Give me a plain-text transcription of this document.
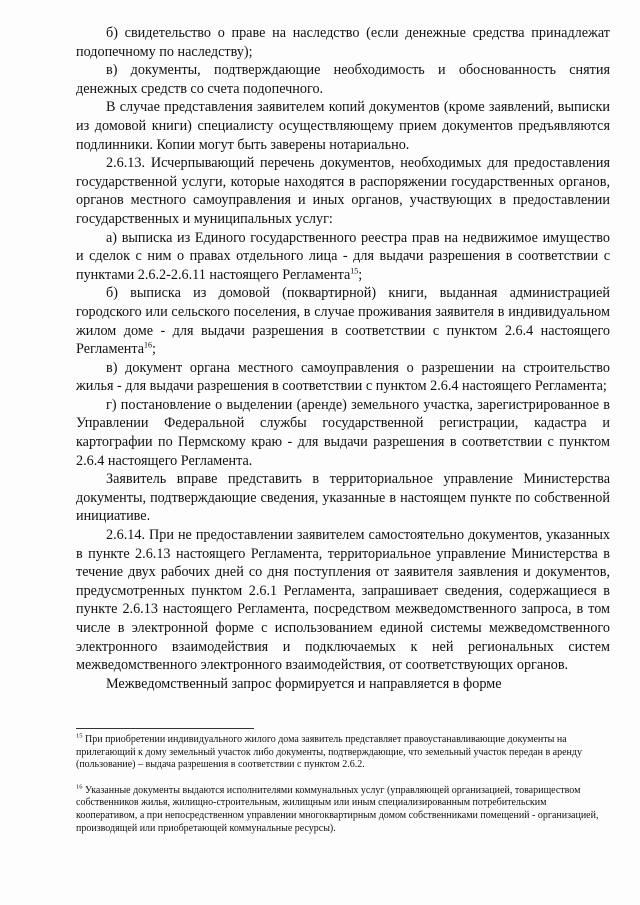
б) свидетельство о праве на наследство (если денежные средства принадлежат подопечному по наследству);

в) документы, подтверждающие необходимость и обоснованность снятия денежных средств со счета подопечного.

В случае представления заявителем копий документов (кроме заявлений, выписки из домовой книги) специалисту осуществляющему прием документов предъявляются подлинники. Копии могут быть заверены нотариально.

2.6.13. Исчерпывающий перечень документов, необходимых для предоставления государственной услуги, которые находятся в распоряжении государственных органов, органов местного самоуправления и иных органов, участвующих в предоставлении государственных и муниципальных услуг:

а) выписка из Единого государственного реестра прав на недвижимое имущество и сделок с ним о правах отдельного лица - для выдачи разрешения в соответствии с пунктами 2.6.2-2.6.11 настоящего Регламента$^{15}$;

б) выписка из домовой (поквартирной) книги, выданная администрацией городского или сельского поселения, в случае проживания заявителя в индивидуальном жилом доме - для выдачи разрешения в соответствии с пунктом 2.6.4 настоящего Регламента$^{16}$;

в) документ органа местного самоуправления о разрешении на строительство жилья - для выдачи разрешения в соответствии с пунктом 2.6.4 настоящего Регламента;

г) постановление о выделении (аренде) земельного участка, зарегистрированное в Управлении Федеральной службы государственной регистрации, кадастра и картографии по Пермскому краю - для выдачи разрешения в соответствии с пунктом 2.6.4 настоящего Регламента.

Заявитель вправе представить в территориальное управление Министерства документы, подтверждающие сведения, указанные в настоящем пункте по собственной инициативе.

2.6.14. При не предоставлении заявителем самостоятельно документов, указанных в пункте 2.6.13 настоящего Регламента, территориальное управление Министерства в течение двух рабочих дней со дня поступления от заявителя заявления и документов, предусмотренных пунктом 2.6.1 Регламента, запрашивает сведения, содержащиеся в пункте 2.6.13 настоящего Регламента, посредством межведомственного запроса, в том числе в электронной форме с использованием единой системы межведомственного электронного взаимодействия и подключаемых к ней региональных систем межведомственного электронного взаимодействия, от соответствующих органов.

Межведомственный запрос формируется и направляется в форме

$^{15}$ При приобретении индивидуального жилого дома заявитель представляет правоустанавливающие документы на прилегающий к дому земельный участок либо документы, подтверждающие, что земельный участок передан в аренду (пользование) – выдача разрешения в соответствии с пунктом 2.6.2.

$^{16}$ Указанные документы выдаются исполнителями коммунальных услуг (управляющей организацией, товариществом собственников жилья, жилищно-строительным, жилищным или иным специализированным потребительским кооперативом, а при непосредственном управлении многоквартирным домом собственниками помещений - организацией, производящей или приобретающей коммунальные ресурсы).
